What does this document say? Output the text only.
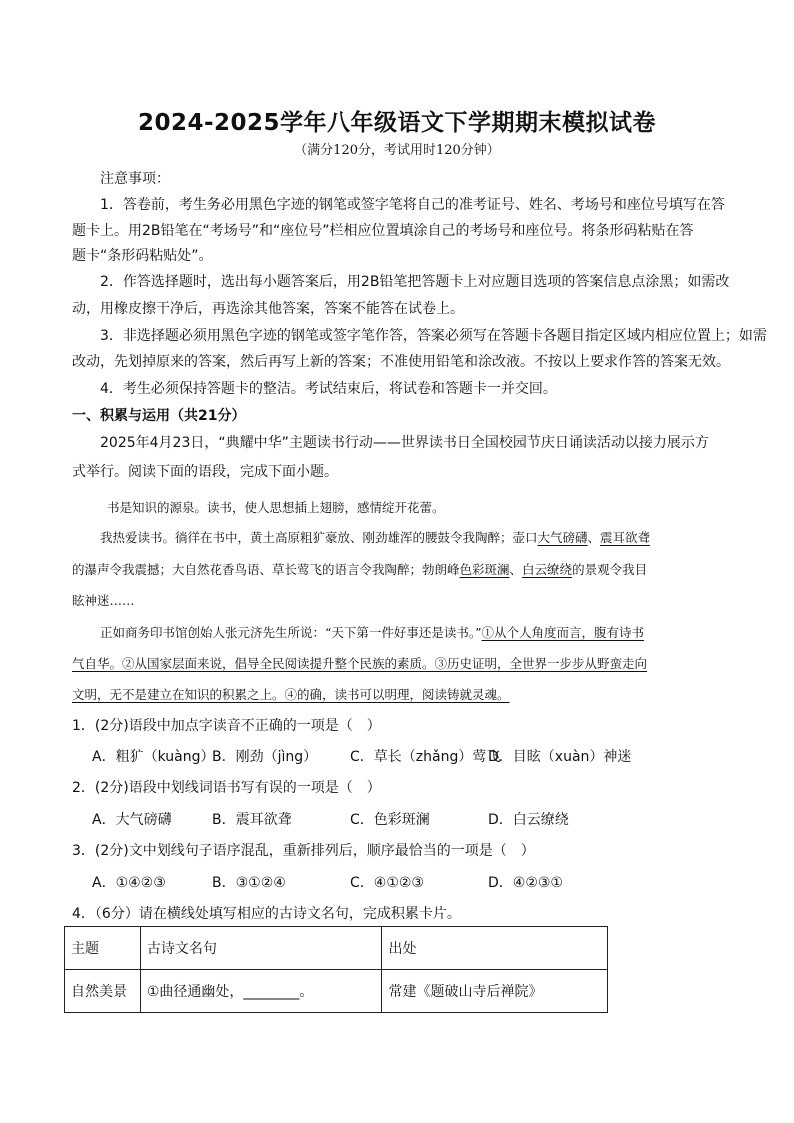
2024-2025学年八年级语文下学期期末模拟试卷
（满分120分，考试用时120分钟）
注意事项：
1．答卷前，考生务必用黑色字迹的钢笔或签字笔将自己的准考证号、姓名、考场号和座位号填写在答
题卡上。用2B铅笔在“考场号”和“座位号”栏相应位置填涂自己的考场号和座位号。将条形码粘贴在答
题卡“条形码粘贴处”。
2．作答选择题时，选出每小题答案后，用2B铅笔把答题卡上对应题目选项的答案信息点涂黑；如需改
动，用橡皮擦干净后，再选涂其他答案，答案不能答在试卷上。
3．非选择题必须用黑色字迹的钢笔或签字笔作答，答案必须写在答题卡各题目指定区域内相应位置上；如需
改动，先划掉原来的答案，然后再写上新的答案；不准使用铅笔和涂改液。不按以上要求作答的答案无效。
4．考生必须保持答题卡的整洁。考试结束后，将试卷和答题卡一并交回。
一、积累与运用（共21分）
2025年4月23日，“典耀中华”主题读书行动——世界读书日全国校园节庆日诵读活动以接力展示方
式举行。阅读下面的语段，完成下面小题。
书是知识的源泉。读书，使人思想插上翅膀，感情绽开花蕾。
我热爱读书。徜徉在书中，黄土高原粗犷豪放、刚劲雄浑的腰鼓令我陶醉；壶口大气磅礴、震耳欲聋
的瀑声令我震撼；大自然花香鸟语、草长莺飞的语言令我陶醉；勃朗峰色彩斑澜、白云缭绕的景观令我目
眩神迷……
正如商务印书馆创始人张元济先生所说：“天下第一件好事还是读书。”①从个人角度而言，腹有诗书
气自华。②从国家层面来说，倡导全民阅读提升整个民族的素质。③历史证明，全世界一步步从野蛮走向
文明，无不是建立在知识的积累之上。④的确，读书可以明理，阅读铸就灵魂。
1．(2分)语段中加点字读音不正确的一项是（　）
A．粗犷（kuàng）
B．刚劲（jìng） C．草长（zhǎng）莺飞
D．目眩（xuàn）神迷
2．(2分)语段中划线词语书写有误的一项是（　）
A．大气磅礴	B．震耳欲聋	C．色彩斑澜	D．白云缭绕
3．(2分)文中划线句子语序混乱，重新排列后，顺序最恰当的一项是（　）
A．①④②③	B．③①②④	C．④①②③	D．④②③①
4．（6分）请在横线处填写相应的古诗文名句，完成积累卡片。
主题	古诗文名句	出处
自然美景	①曲径通幽处，________。	常建《题破山寺后禅院》
